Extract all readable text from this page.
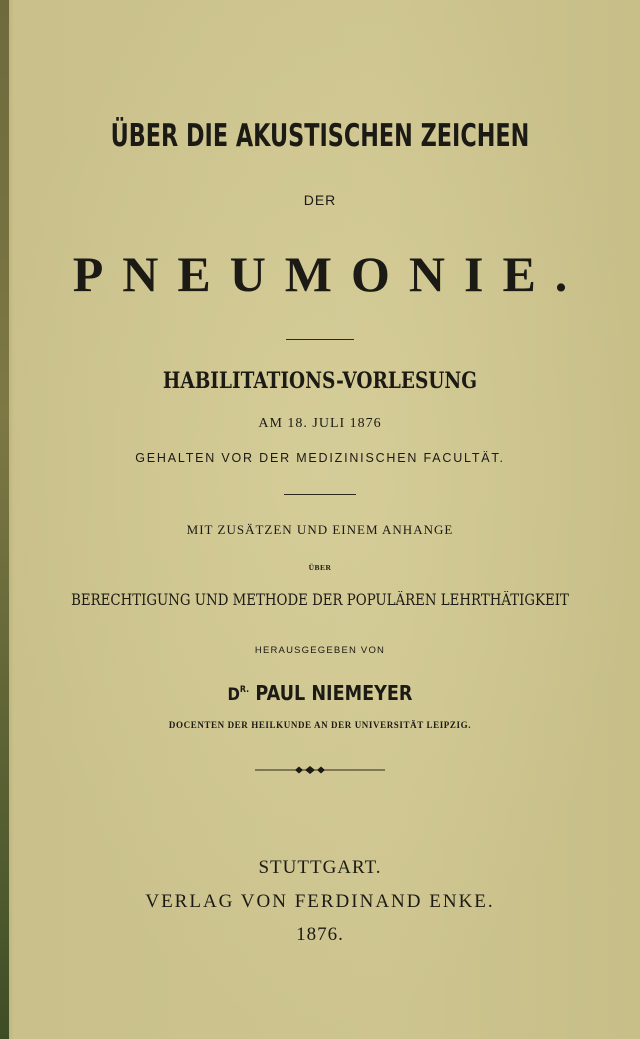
ÜBER DIE AKUSTISCHEN ZEICHEN
DER
PNEUMONIE.
HABILITATIONS-VORLESUNG
AM 18. JULI 1876
GEHALTEN VOR DER MEDIZINISCHEN FACULTÄT.
MIT ZUSÄTZEN UND EINEM ANHANGE
ÜBER
BERECHTIGUNG UND METHODE DER POPULÄREN LEHRTHÄTIGKEIT
HERAUSGEGEBEN VON
$D^{R.}$ PAUL NIEMEYER
DOCENTEN DER HEILKUNDE AN DER UNIVERSITÄT LEIPZIG.
STUTTGART.
VERLAG VON FERDINAND ENKE.
1876.
